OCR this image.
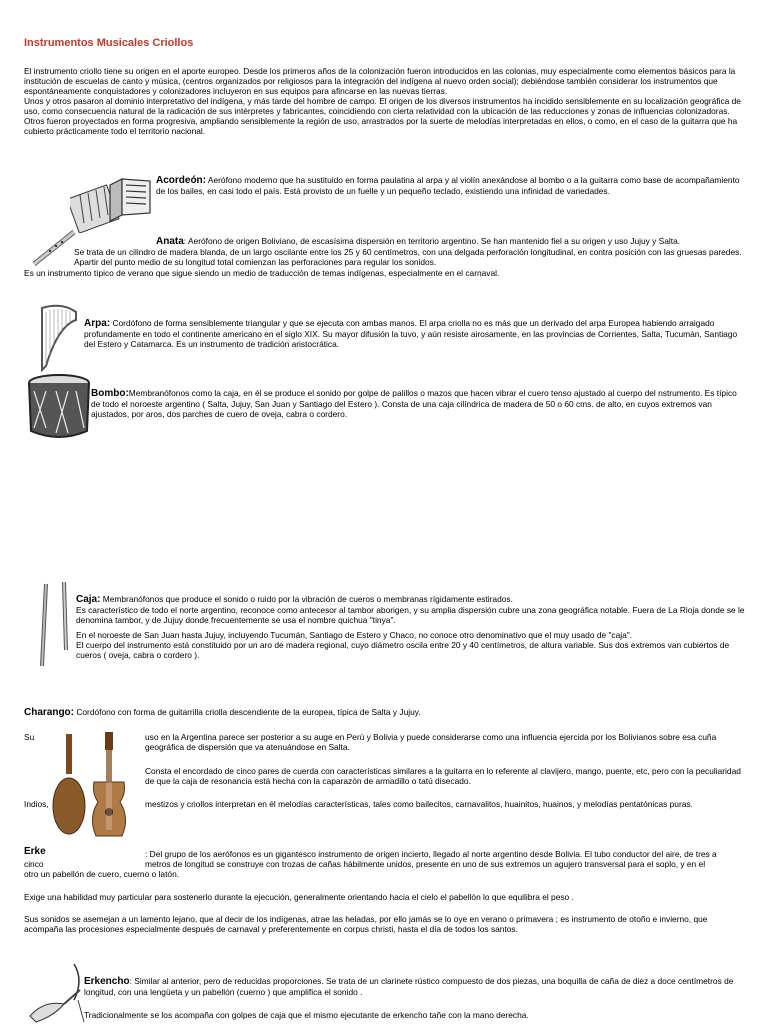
Instrumentos Musicales Criollos

El instrumento criollo tiene su origen en el aporte europeo. Desde los primeros años de la colonización fueron introducidos en las colonias, muy especialmente como elementos básicos para la institución de escuelas de canto y música, (centros organizados por religiosos para la integración del indígena al nuevo orden social); debiéndose también considerar los instrumentos que espontáneamente conquistadores y colonizadores incluyeron en sus equipos para afincarse en las nuevas tierras.

Unos y otros pasaron al dominio interpretativo del indígena, y más tarde del hombre de campo. El origen de los diversos instrumentos ha incidido sensiblemente en su localización geográfica de uso, como consecuencia natural de la radicación de sus intérpretes y fabricantes, coincidiendo con cierta relatividad con la ubicación de las reducciones y zonas de influencias colonizadoras. Otros fueron proyectados en forma progresiva, ampliando sensiblemente la región de uso, arrastrados por la suerte de melodías interpretadas en ellos, o como, en el caso de la guitarra que ha cubierto prácticamente todo el territorio nacional.

Acordeón: Aerófono moderno que ha sustituido en forma paulatina al arpa y al violín anexándose al bombo o a la guitarra como base de acompañamiento de los bailes, en casi todo el país. Está provisto de un fuelle y un pequeño teclado, existiendo una infinidad de variedades.
Anata: Aerófono de origen Boliviano, de escasísima dispersión en territorio argentino. Se han mantenido fiel a su origen y uso Jujuy y Salta.

Se trata de un cilindro de madera blanda, de un largo oscilante entre los 25 y 60 centímetros, con una delgada perforación longitudinal, en contra posición con las gruesas paredes. Apartir del punto medio de su longitud total comienzan las perforaciones para regular los sonidos.

Es un instrumento típico de verano que sigue siendo un medio de traducción de temas indígenas, especialmente en el carnaval.

Arpa: Cordófono de forma sensiblemente triangular y que se ejecuta con ambas manos. El arpa criolla no es más que un derivado del arpa Europea habiendo arraigado profundamente en todo el continente americano en el siglo XIX. Su mayor difusión la tuvo, y aún resiste airosamente, en las provincias de Corrientes, Salta, Tucumán, Santiago del Estero y Catamarca. Es un instrumento de tradición aristocrática.
Bombo:Membranófonos como la caja, en él se produce el sonido por golpe de palillos o mazos que hacen vibrar el cuero tenso ajustado al cuerpo del nstrumento. Es típico de todo el noroeste argentino ( Salta, Jujuy, San Juan y Santiago del Estero ). Consta de una caja cilíndrica de madera de 50 o 60 cms. de alto, en cuyos extremos van ajustados, por aros, dos parches de cuero de oveja, cabra o cordero.

Caja: Membranófonos que produce el sonido o ruido por la vibración de cueros o membranas rígidamente estirados.

Es característico de todo el norte argentino, reconoce como antecesor al tambor aborigen, y su amplia dispersión cubre una zona geográfica notable. Fuera de La Rioja donde se le denomina tambor, y de Jujuy donde frecuentemente se usa el nombre quichua "tinya".

En el noroeste de San Juan hasta Jujuy, incluyendo Tucumán, Santiago de Estero y Chaco, no conoce otro denominativo que el muy usado de "caja".

El cuerpo del instrumento está constituido por un aro de madera regional, cuyo diámetro oscila entre 20 y 40 centímetros, de altura variable. Sus dos extremos van cubiertos de cueros ( oveja, cabra o cordero ).

Charango: Cordófono con forma de guitarrilla criolla descendiente de la europea, típica de Salta y Jujuy.

Su	uso en la Argentina parece ser posterior a su auge en Perú y Bolivia y puede considerarse como una influencia ejercida por los Bolivianos sobre esa cuña geográfica de dispersión que va atenuándose en Salta.

Consta el encordado de cinco pares de cuerda con características similares a la guitarra en lo referente al clavijero, mango, puente, etc, pero con la peculiaridad de que la caja de resonancia está hecha con la caparazón de armadillo o tatú disecado.

Indios,	mestizos y criollos interpretan en él melodías características, tales como bailecitos, carnavalitos, huainitos, huainos, y melodías pentatónicas puras.

Erke	: Del grupo de los aerófonos es un gigantesco instrumento de origen incierto, llegado al norte argentino desde Bolivia. El tubo conductor del aire, de tres a

cinco	metros de longitud se construye con trozas de cañas hábilmente unidos, presente en uno de sus extremos un agujero transversal para el soplo, y en el

otro un pabellón de cuero, cuerno o latón.

Exige una habilidad muy particular para sostenerlo durante la ejecución, generalmente orientando hacia el cielo el pabellón lo que equilibra el peso .

Sus sonidos se asemejan a un lamento lejano, que al decir de los indígenas, atrae las heladas, por ello jamás se lo oye en verano o primavera ; es instrumento de otoño e invierno, que acompaña las procesiones especialmente después de carnaval y preferentemente en corpus christi, hasta el día de todos los santos.

Erkencho: Similar al anterior, pero de reducidas proporciones. Se trata de un clarinete rústico compuesto de dos piezas, una boquilla de caña de diez a doce centímetros de longitud, con una lengüeta y un pabellón (cuerno ) que amplifica el sonido .

Tradicionalmente se los acompaña con golpes de caja que el mismo ejecutante de erkencho tañe con la mano derecha.
